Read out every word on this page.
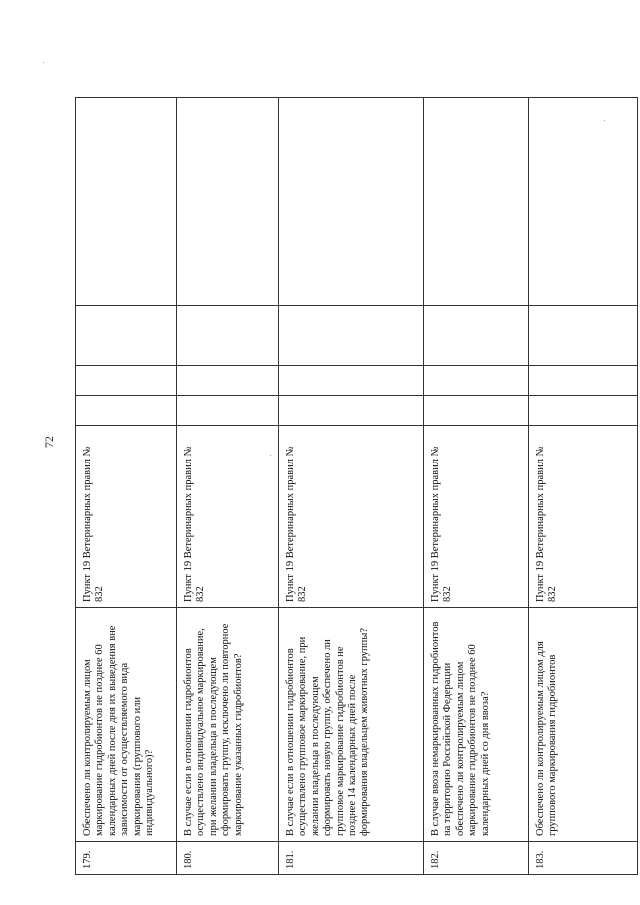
72
179.	Обеспечено ли контролируемым лицом маркирование гидробионтов не позднее 60 календарных дней после дня их выведения вне зависимости от осуществляемого вида маркирования (группового или индивидуального)?	Пункт 19 Ветеринарных правил № 832				
180.	В случае если в отношении гидробионтов осуществлено индивидуальное маркирование, при желании владельца в последующем сформировать группу, исключено ли повторное маркирование указанных гидробионтов?	Пункт 19 Ветеринарных правил № 832				
181.	В случае если в отношении гидробионтов осуществлено групповое маркирование, при желании владельца в последующем сформировать новую группу, обеспечено ли групповое маркирование гидробионтов не позднее 14 календарных дней после формирования владельцем животных группы?	Пункт 19 Ветеринарных правил № 832				
182.	В случае ввоза немаркированных гидробионтов на территорию Российской Федерации обеспечено ли контролируемым лицом маркирование гидробионтов не позднее 60 календарных дней со дня ввоза?	Пункт 19 Ветеринарных правил № 832				
183.	Обеспечено ли контролируемым лицом для группового маркирования гидробионтов	Пункт 19 Ветеринарных правил № 832				
